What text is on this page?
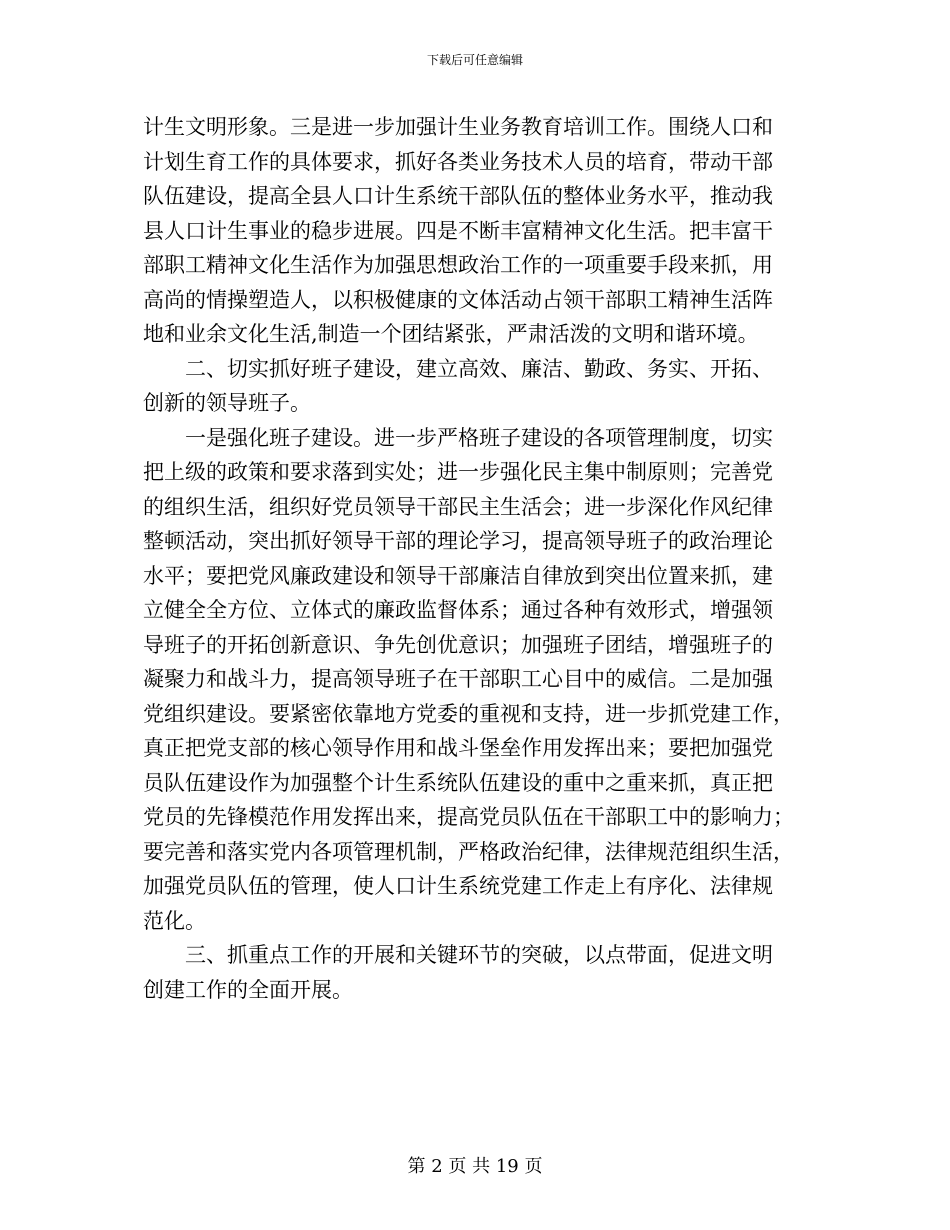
下载后可任意编辑
计生文明形象。三是进一步加强计生业务教育培训工作。围绕人口和
计划生育工作的具体要求，抓好各类业务技术人员的培育，带动干部
队伍建设，提高全县人口计生系统干部队伍的整体业务水平，推动我
县人口计生事业的稳步进展。四是不断丰富精神文化生活。把丰富干
部职工精神文化生活作为加强思想政治工作的一项重要手段来抓，用
高尚的情操塑造人，以积极健康的文体活动占领干部职工精神生活阵
地和业余文化生活,制造一个团结紧张，严肃活泼的文明和谐环境。
　　二、切实抓好班子建设，建立高效、廉洁、勤政、务实、开拓、
创新的领导班子。
　　一是强化班子建设。进一步严格班子建设的各项管理制度，切实
把上级的政策和要求落到实处；进一步强化民主集中制原则；完善党
的组织生活，组织好党员领导干部民主生活会；进一步深化作风纪律
整顿活动，突出抓好领导干部的理论学习，提高领导班子的政治理论
水平；要把党风廉政建设和领导干部廉洁自律放到突出位置来抓，建
立健全全方位、立体式的廉政监督体系；通过各种有效形式，增强领
导班子的开拓创新意识、争先创优意识；加强班子团结，增强班子的
凝聚力和战斗力，提高领导班子在干部职工心目中的威信。二是加强
党组织建设。要紧密依靠地方党委的重视和支持，进一步抓党建工作，
真正把党支部的核心领导作用和战斗堡垒作用发挥出来；要把加强党
员队伍建设作为加强整个计生系统队伍建设的重中之重来抓，真正把
党员的先锋模范作用发挥出来，提高党员队伍在干部职工中的影响力；
要完善和落实党内各项管理机制，严格政治纪律，法律规范组织生活，
加强党员队伍的管理，使人口计生系统党建工作走上有序化、法律规
范化。
　　三、抓重点工作的开展和关键环节的突破，以点带面，促进文明
创建工作的全面开展。
第 2 页 共 19 页
